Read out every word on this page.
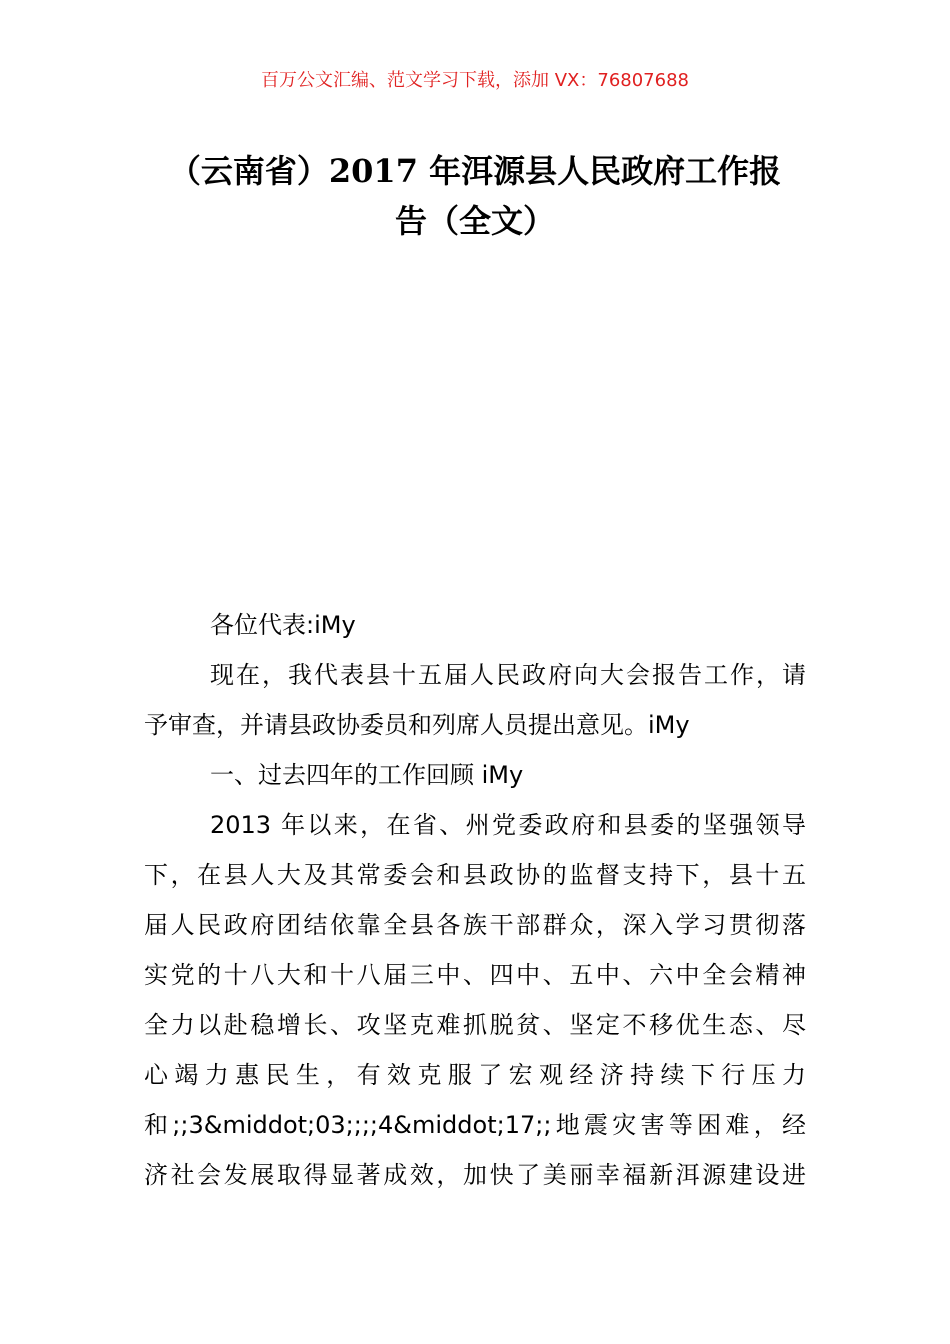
百万公文汇编、范文学习下载，添加 VX：76807688
（云南省）2017 年洱源县人民政府工作报
告（全文）

各位代表:iMy

现在，我代表县十五届人民政府向大会报告工作，请
予审查，并请县政协委员和列席人员提出意见。iMy

一、过去四年的工作回顾 iMy

2013 年以来，在省、州党委政府和县委的坚强领导
下，在县人大及其常委会和县政协的监督支持下，县十五
届人民政府团结依靠全县各族干部群众，深入学习贯彻落
实党的十八大和十八届三中、四中、五中、六中全会精神
全力以赴稳增长、攻坚克难抓脱贫、坚定不移优生态、尽
心竭力惠民生，有效克服了宏观经济持续下行压力
和;;3&middot;03;;;;4&middot;17;;地震灾害等困难，经
济社会发展取得显著成效，加快了美丽幸福新洱源建设进
